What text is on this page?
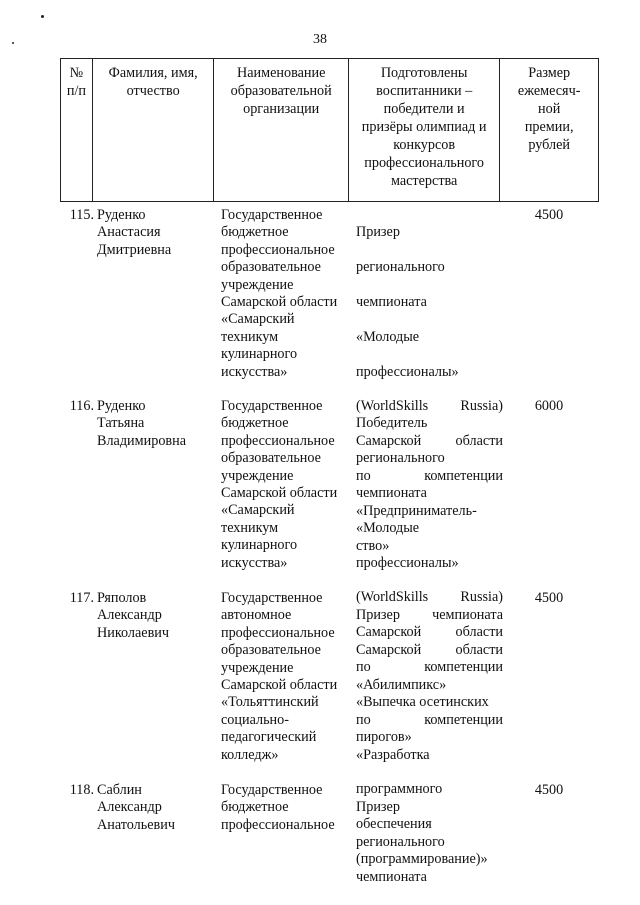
38
№
п/п
Фамилия, имя,
отчество
Наименование
образовательной
организации
Подготовлены
воспитанники –
победители и
призёры олимпиад и
конкурсов
профессионального
мастерства
Размер
ежемесяч-
ной
премии,
рублей
115. Руденко
Анастасия
Дмитриевна
Государственное
бюджетное
профессиональное
образовательное
учреждение
Самарской области
«Самарский
техникум
кулинарного
искусства»

Призер

регионального

чемпионата

«Молодые

профессионалы»

(WorldSkills Russia)

Самарской области

по компетенции

«Предприниматель-

ство»

4500
116. Руденко
Татьяна
Владимировна
Государственное
бюджетное
профессиональное
образовательное
учреждение
Самарской области
«Самарский
техникум
кулинарного
искусства»

Победитель

регионального

чемпионата

«Молодые

профессионалы»

(WorldSkills Russia)

Самарской области

по компетенции

«Выпечка осетинских

пирогов»

6000
117. Ряполов
Александр
Николаевич
Государственное
автономное
профессиональное
образовательное
учреждение
Самарской области
«Тольяттинский
социально-
педагогический
колледж»

Призер чемпионата

Самарской области

«Абилимпикс»

по компетенции

«Разработка

программного

обеспечения

(программирование)»

4500
118. Саблин
Александр
Анатольевич
Государственное
бюджетное
профессиональное

Призер

регионального

чемпионата

4500
